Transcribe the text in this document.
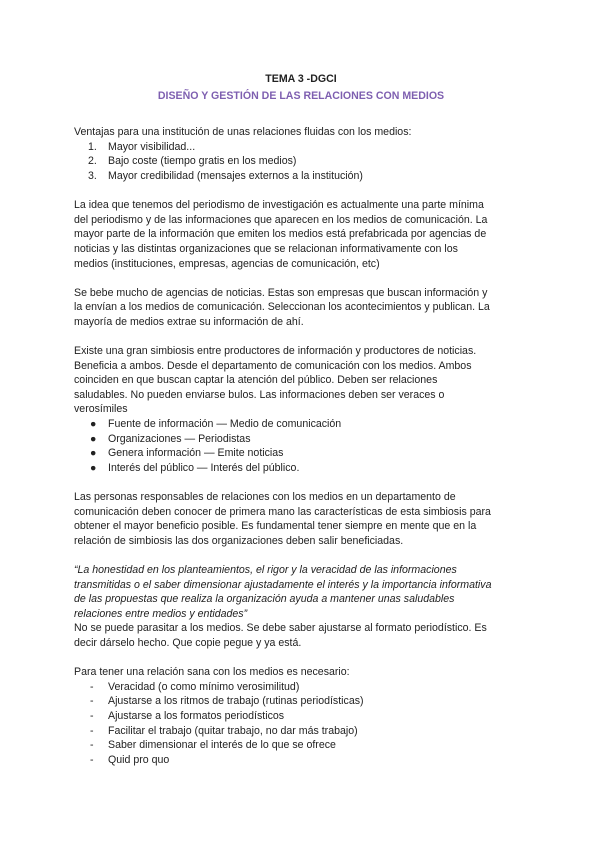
TEMA 3 -DGCI

DISEÑO Y GESTIÓN DE LAS RELACIONES CON MEDIOS

Ventajas para una institución de unas relaciones fluidas con los medios:

1.	Mayor visibilidad...
2.	Bajo coste (tiempo gratis en los medios)
3.	Mayor credibilidad (mensajes externos a la institución)

La idea que tenemos del periodismo de investigación es actualmente una parte mínima

del periodismo y de las informaciones que aparecen en los medios de comunicación. La

mayor parte de la información que emiten los medios está prefabricada por agencias de

noticias y las distintas organizaciones que se relacionan informativamente con los

medios (instituciones, empresas, agencias de comunicación, etc)

Se bebe mucho de agencias de noticias. Estas son empresas que buscan información y

la envían a los medios de comunicación. Seleccionan los acontecimientos y publican. La

mayoría de medios extrae su información de ahí.

Existe una gran simbiosis entre productores de información y productores de noticias.

Beneficia a ambos. Desde el departamento de comunicación con los medios. Ambos

coinciden en que buscan captar la atención del público. Deben ser relaciones

saludables. No pueden enviarse bulos. Las informaciones deben ser veraces o

verosímiles

● Fuente de información — Medio de comunicación
● Organizaciones — Periodistas
● Genera información — Emite noticias
● Interés del público — Interés del público.

Las personas responsables de relaciones con los medios en un departamento de

comunicación deben conocer de primera mano las características de esta simbiosis para

obtener el mayor beneficio posible. Es fundamental tener siempre en mente que en la

relación de simbiosis las dos organizaciones deben salir beneficiadas.

“La honestidad en los planteamientos, el rigor y la veracidad de las informaciones

transmitidas o el saber dimensionar ajustadamente el interés y la importancia informativa

de las propuestas que realiza la organización ayuda a mantener unas saludables

relaciones entre medios y entidades”

No se puede parasitar a los medios. Se debe saber ajustarse al formato periodístico. Es

decir dárselo hecho. Que copie pegue y ya está.

Para tener una relación sana con los medios es necesario:

- Veracidad (o como mínimo verosimilitud)
- Ajustarse a los ritmos de trabajo (rutinas periodísticas)
- Ajustarse a los formatos periodísticos
- Facilitar el trabajo (quitar trabajo, no dar más trabajo)
- Saber dimensionar el interés de lo que se ofrece
- Quid pro quo
